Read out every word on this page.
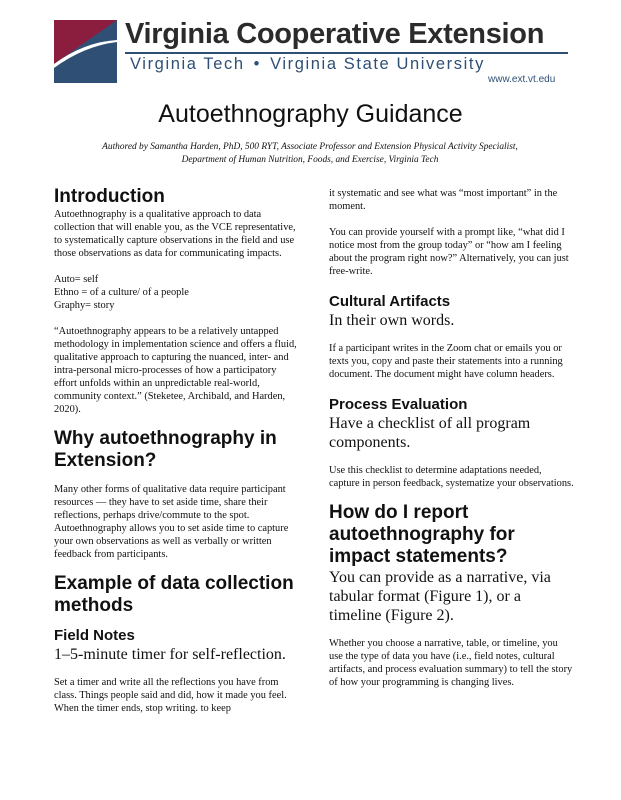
Virginia Cooperative Extension
Virginia Tech • Virginia State University
www.ext.vt.edu
Autoethnography Guidance
Authored by Samantha Harden, PhD, 500 RYT, Associate Professor and Extension Physical Activity Specialist,
Department of Human Nutrition, Foods, and Exercise, Virginia Tech
Introduction

Autoethnography is a qualitative approach to data collection that will enable you, as the VCE representative, to systematically capture observations in the field and use those observations as data for communicating impacts.

Auto= self

Ethno = of a culture/ of a people

Graphy= story

“Autoethnography appears to be a relatively untapped methodology in implementation science and offers a fluid, qualitative approach to capturing the nuanced, inter- and intra-personal micro-processes of how a participatory effort unfolds within an unpredictable real-world, community context.” (Steketee, Archibald, and Harden, 2020).

Why autoethnography in Extension?

Many other forms of qualitative data require participant resources — they have to set aside time, share their reflections, perhaps drive/commute to the spot. Autoethnography allows you to set aside time to capture your own observations as well as verbally or written feedback from participants.

Example of data collection methods
Field Notes

1–5-minute timer for self-reflection.

Set a timer and write all the reflections you have from class. Things people said and did, how it made you feel. When the timer ends, stop writing. to keep

it systematic and see what was “most important” in the moment.

You can provide yourself with a prompt like, “what did I notice most from the group today” or “how am I feeling about the program right now?” Alternatively, you can just free-write.

Cultural Artifacts

In their own words.

If a participant writes in the Zoom chat or emails you or texts you, copy and paste their statements into a running document. The document might have column headers.

Process Evaluation

Have a checklist of all program components.

Use this checklist to determine adaptations needed, capture in person feedback, systematize your observations.

How do I report autoethnography for impact statements?

You can provide as a narrative, via tabular format (Figure 1), or a timeline (Figure 2).

Whether you choose a narrative, table, or timeline, you use the type of data you have (i.e., field notes, cultural artifacts, and process evaluation summary) to tell the story of how your programming is changing lives.
